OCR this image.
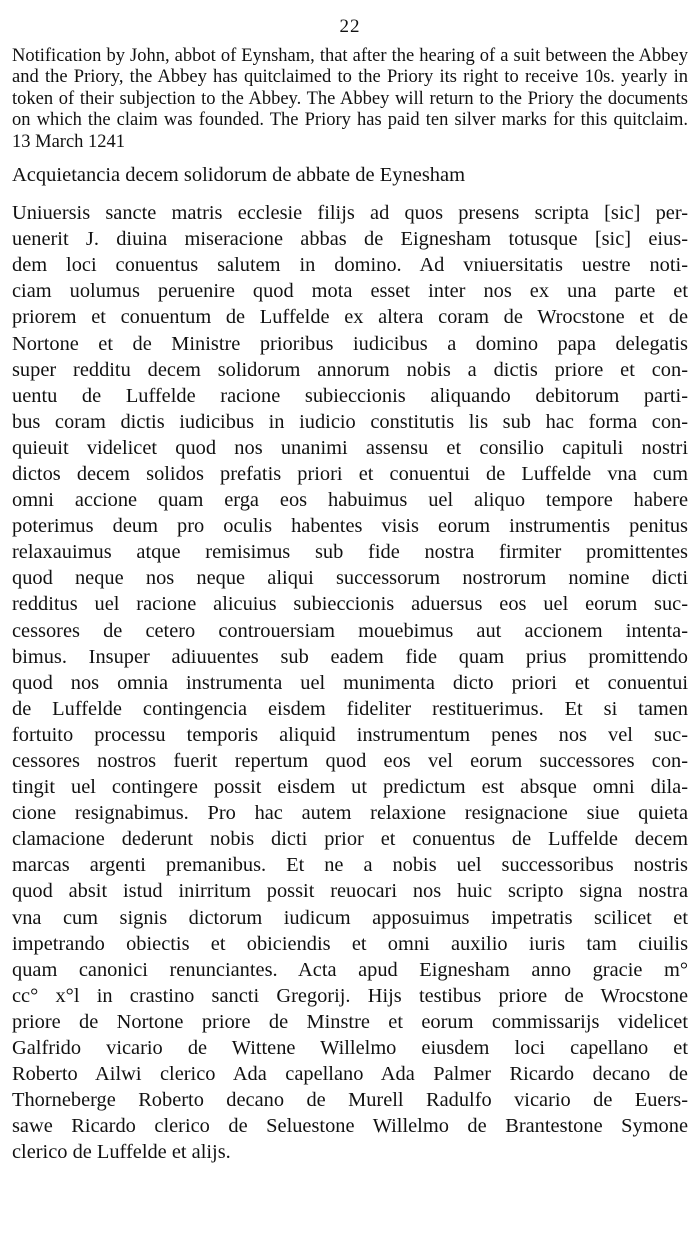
22

Notification by John, abbot of Eynsham, that after the hearing of a suit between the Abbey and the Priory, the Abbey has quitclaimed to the Priory its right to receive 10s. yearly in token of their subjection to the Abbey. The Abbey will return to the Priory the documents on which the claim was founded. The Priory has paid ten silver marks for this quitclaim. 13 March 1241

Acquietancia decem solidorum de abbate de Eynesham
Uniuersis sancte matris ecclesie filijs ad quos presens scripta [sic] per-
uenerit J. diuina miseracione abbas de Eignesham totusque [sic] eius-
dem loci conuentus salutem in domino. Ad vniuersitatis uestre noti-
ciam uolumus peruenire quod mota esset inter nos ex una parte et
priorem et conuentum de Luffelde ex altera coram de Wrocstone et de
Nortone et de Ministre prioribus iudicibus a domino papa delegatis
super redditu decem solidorum annorum nobis a dictis priore et con-
uentu de Luffelde racione subieccionis aliquando debitorum parti-
bus coram dictis iudicibus in iudicio constitutis lis sub hac forma con-
quieuit videlicet quod nos unanimi assensu et consilio capituli nostri
dictos decem solidos prefatis priori et conuentui de Luffelde vna cum
omni accione quam erga eos habuimus uel aliquo tempore habere
poterimus deum pro oculis habentes visis eorum instrumentis penitus
relaxauimus atque remisimus sub fide nostra firmiter promittentes
quod neque nos neque aliqui successorum nostrorum nomine dicti
redditus uel racione alicuius subieccionis aduersus eos uel eorum suc-
cessores de cetero controuersiam mouebimus aut accionem intenta-
bimus. Insuper adiuuentes sub eadem fide quam prius promittendo
quod nos omnia instrumenta uel munimenta dicto priori et conuentui
de Luffelde contingencia eisdem fideliter restituerimus. Et si tamen
fortuito processu temporis aliquid instrumentum penes nos vel suc-
cessores nostros fuerit repertum quod eos vel eorum successores con-
tingit uel contingere possit eisdem ut predictum est absque omni dila-
cione resignabimus. Pro hac autem relaxione resignacione siue quieta
clamacione dederunt nobis dicti prior et conuentus de Luffelde decem
marcas argenti premanibus. Et ne a nobis uel successoribus nostris
quod absit istud inirritum possit reuocari nos huic scripto signa nostra
vna cum signis dictorum iudicum apposuimus impetratis scilicet et
impetrando obiectis et obiciendis et omni auxilio iuris tam ciuilis
quam canonici renunciantes. Acta apud Eignesham anno gracie m°
cc° x°l in crastino sancti Gregorij. Hijs testibus priore de Wrocstone
priore de Nortone priore de Minstre et eorum commissarijs videlicet
Galfrido vicario de Wittene Willelmo eiusdem loci capellano et
Roberto Ailwi clerico Ada capellano Ada Palmer Ricardo decano de
Thorneberge Roberto decano de Murell Radulfo vicario de Euers-
sawe Ricardo clerico de Seluestone Willelmo de Brantestone Symone
clerico de Luffelde et alijs.
